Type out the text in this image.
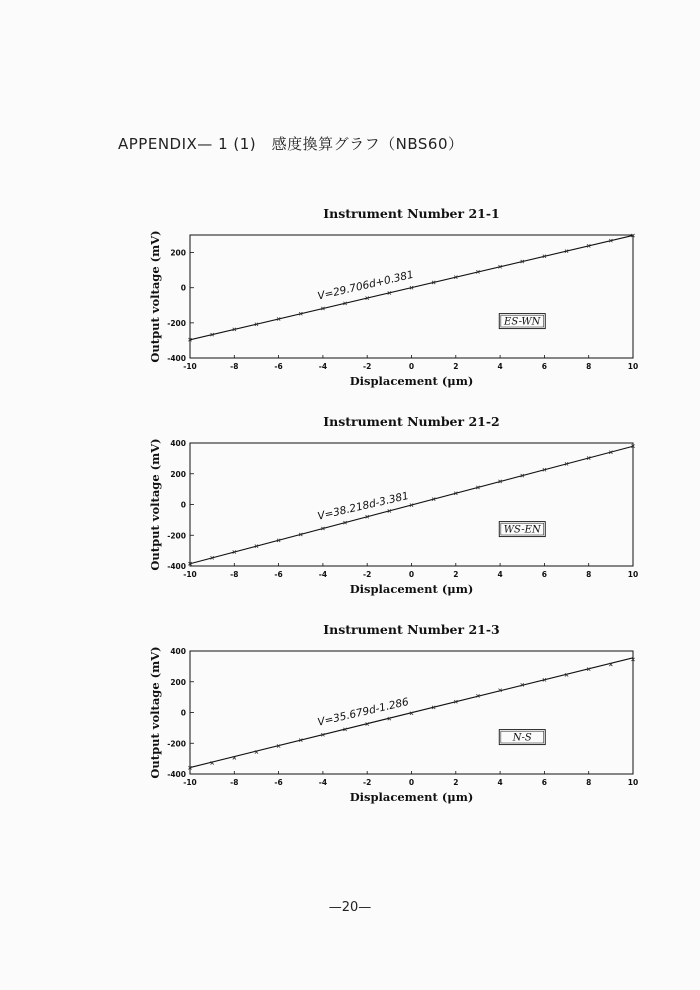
APPENDIX— 1 (1)　感度換算グラフ（NBS60）
Instrument Number 21-1
-10	-8	-6	-4	-2	0	2	4	6	8	10
-400
-200
0
200
Output voltage (mV)
Displacement (μm)
V=29.706d+0.381
ES-WN
Instrument Number 21-2
-10	-8	-6	-4	-2	0	2	4	6	8	10
-400
-200
0
200
400
Output voltage (mV)
Displacement (μm)
V=38.218d-3.381
WS-EN
Instrument Number 21-3
-10	-8	-6	-4	-2	0	2	4	6	8	10
-400
-200
0
200
400
Output voltage (mV)
Displacement (μm)
V=35.679d-1.286
N-S
—20—
